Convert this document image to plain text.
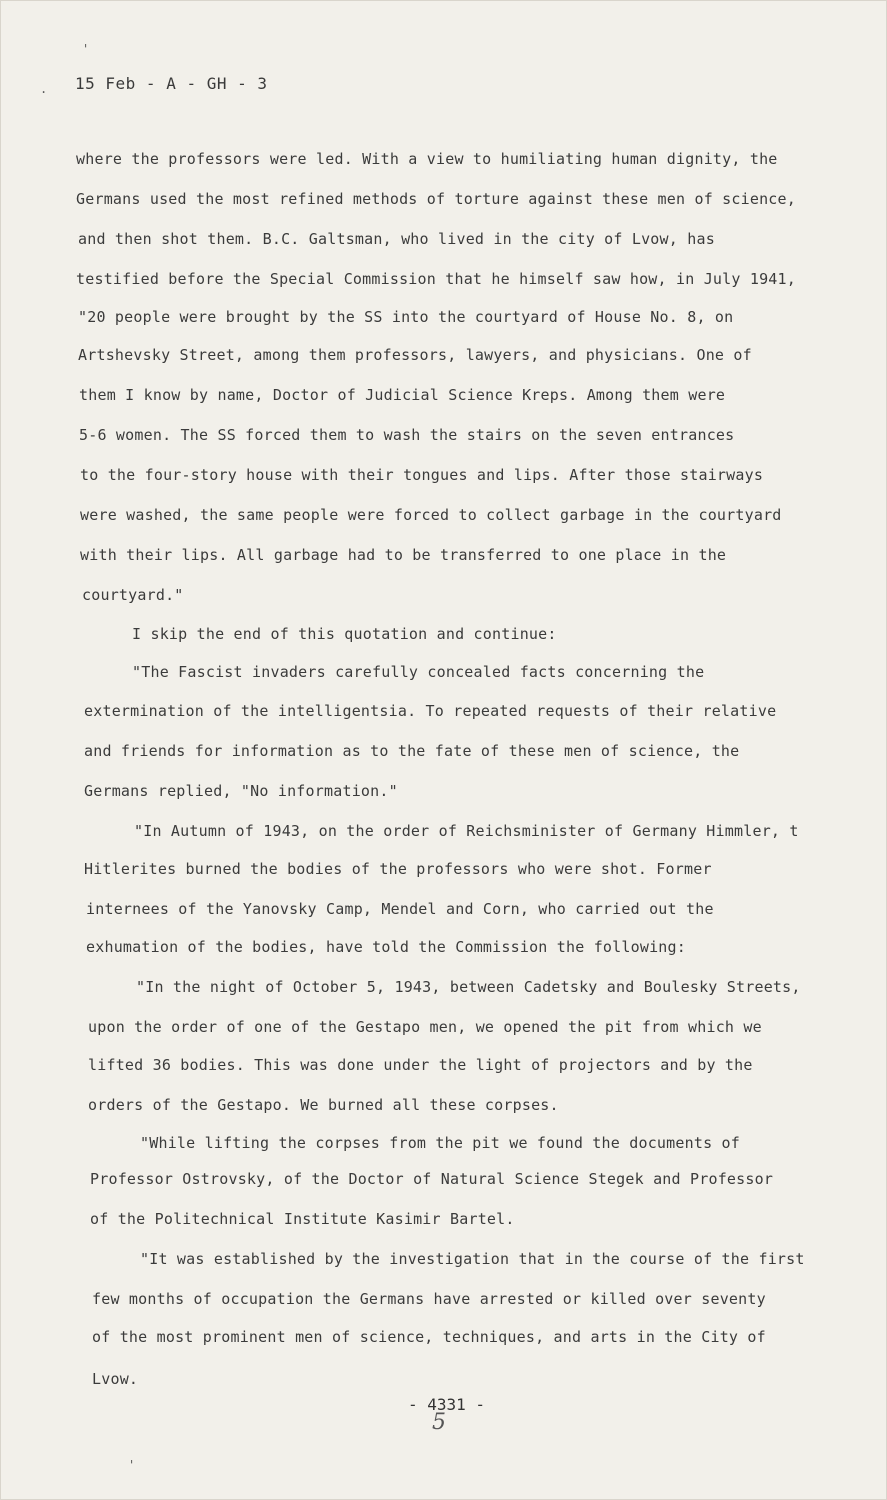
'
.
'
15 Feb - A - GH - 3
where the professors were led. With a view to humiliating human dignity, the
Germans used the most refined methods of torture against these men of science,
and then shot them. B.C. Galtsman, who lived in the city of Lvow, has
testified before the Special Commission that he himself saw how, in July 1941,
"20 people were brought by the SS into the courtyard of House No. 8, on
Artshevsky Street, among them professors, lawyers, and physicians. One of
them I know by name, Doctor of Judicial Science Kreps. Among them were
5-6 women. The SS forced them to wash the stairs on the seven entrances
to the four-story house with their tongues and lips. After those stairways
were washed, the same people were forced to collect garbage in the courtyard
with their lips. All garbage had to be transferred to one place in the
courtyard."
I skip the end of this quotation and continue:
"The Fascist invaders carefully concealed facts concerning the
extermination of the intelligentsia. To repeated requests of their relative
and friends for information as to the fate of these men of science, the
Germans replied, "No information."
"In Autumn of 1943, on the order of Reichsminister of Germany Himmler, t
Hitlerites burned the bodies of the professors who were shot. Former
internees of the Yanovsky Camp, Mendel and Corn, who carried out the
exhumation of the bodies, have told the Commission the following:
"In the night of October 5, 1943, between Cadetsky and Boulesky Streets,
upon the order of one of the Gestapo men, we opened the pit from which we
lifted 36 bodies. This was done under the light of projectors and by the
orders of the Gestapo. We burned all these corpses.
"While lifting the corpses from the pit we found the documents of
Professor Ostrovsky, of the Doctor of Natural Science Stegek and Professor
of the Politechnical Institute Kasimir Bartel.
"It was established by the investigation that in the course of the first
few months of occupation the Germans have arrested or killed over seventy
of the most prominent men of science, techniques, and arts in the City of
Lvow.
- 4331 -
5
